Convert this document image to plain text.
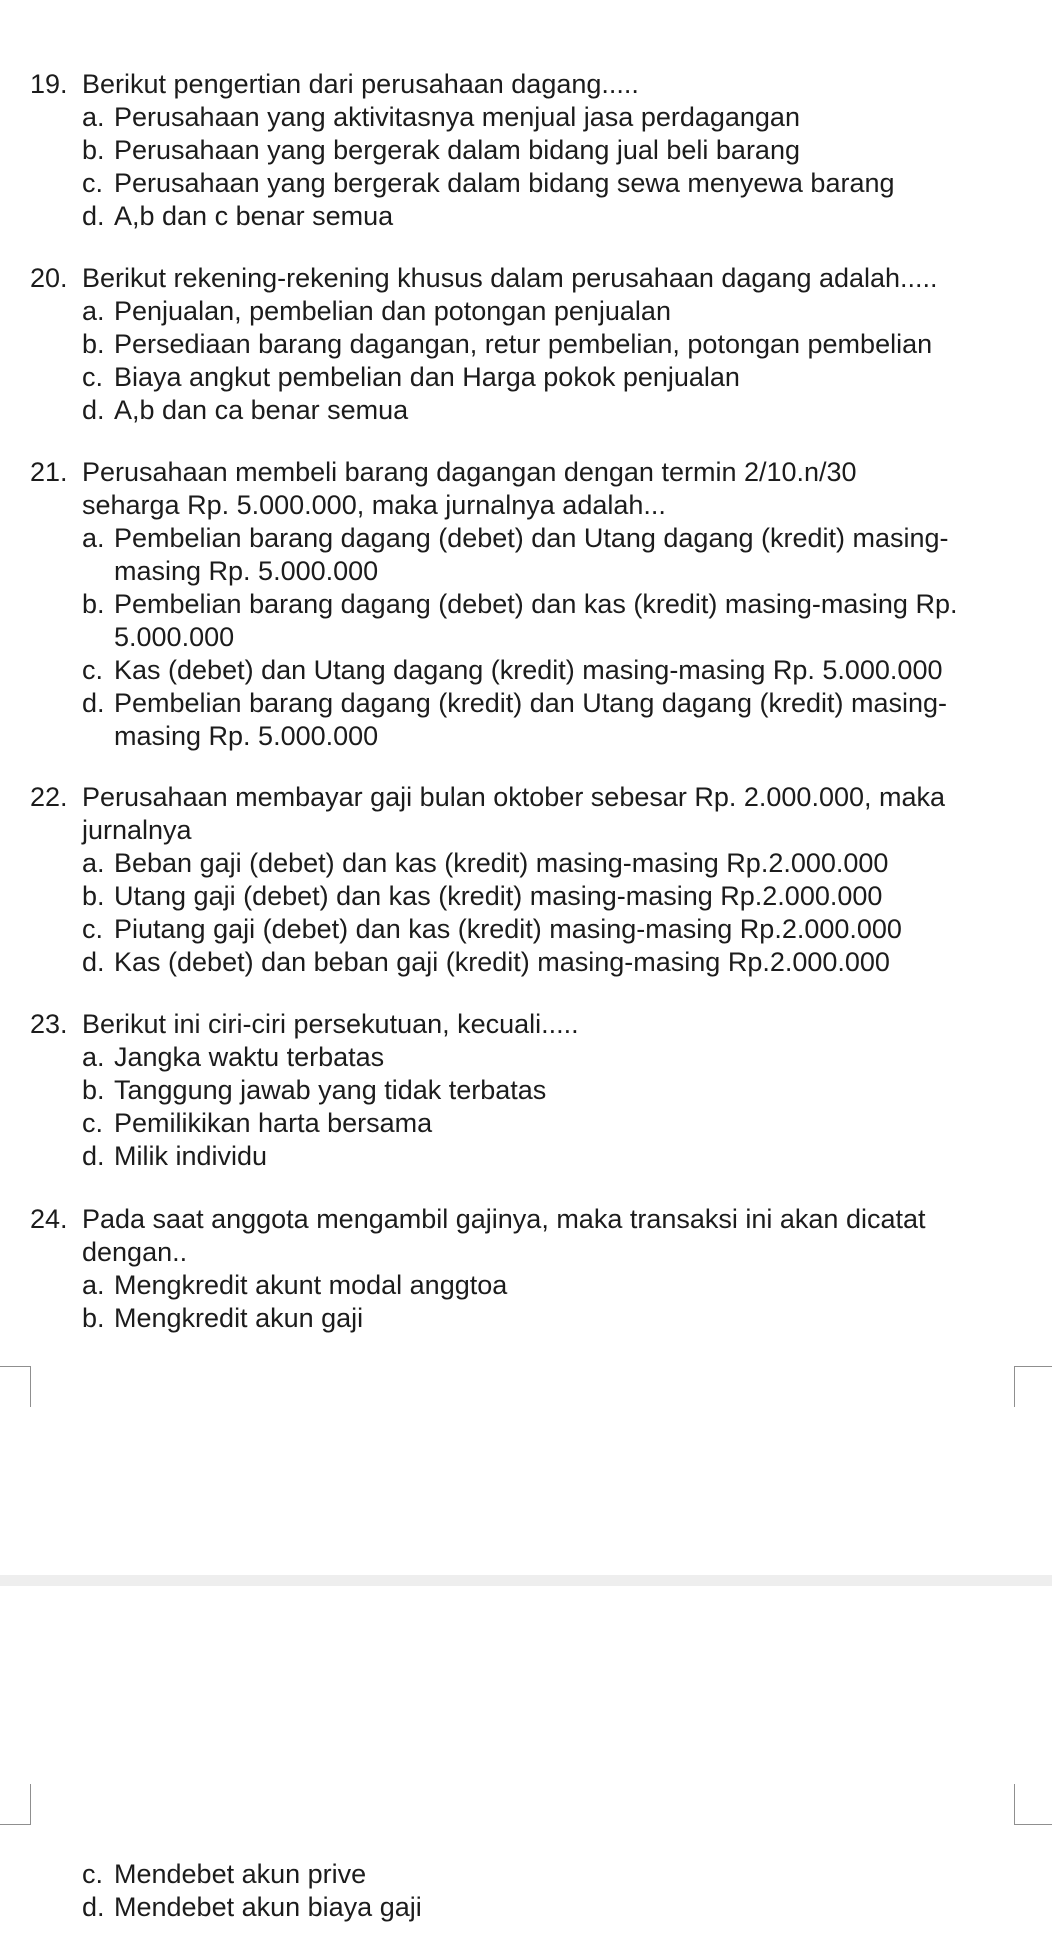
19. Berikut pengertian dari perusahaan dagang.....
a. Perusahaan yang aktivitasnya menjual jasa perdagangan
b. Perusahaan yang bergerak dalam bidang jual beli barang
c. Perusahaan yang bergerak dalam bidang sewa menyewa barang
d. A,b dan c benar semua
20. Berikut rekening-rekening khusus dalam perusahaan dagang adalah.....
a. Penjualan, pembelian dan potongan penjualan
b. Persediaan barang dagangan, retur pembelian, potongan pembelian
c. Biaya angkut pembelian dan Harga pokok penjualan
d. A,b dan ca benar semua
21. Perusahaan membeli barang dagangan dengan termin 2/10.n/30 seharga Rp. 5.000.000, maka jurnalnya adalah...
a. Pembelian barang dagang (debet) dan Utang dagang (kredit) masing-masing Rp. 5.000.000
b. Pembelian barang dagang (debet) dan kas (kredit) masing-masing Rp. 5.000.000
c. Kas (debet) dan Utang dagang (kredit) masing-masing Rp. 5.000.000
d. Pembelian barang dagang (kredit) dan Utang dagang (kredit) masing-masing Rp. 5.000.000
22. Perusahaan membayar gaji bulan oktober sebesar Rp. 2.000.000, maka jurnalnya
a. Beban gaji (debet) dan kas (kredit) masing-masing Rp.2.000.000
b. Utang gaji (debet) dan kas (kredit) masing-masing Rp.2.000.000
c. Piutang gaji (debet) dan kas (kredit) masing-masing Rp.2.000.000
d. Kas (debet) dan beban gaji (kredit) masing-masing Rp.2.000.000
23. Berikut ini ciri-ciri persekutuan, kecuali.....
a. Jangka waktu terbatas
b. Tanggung jawab yang tidak terbatas
c. Pemilikikan harta bersama
d. Milik individu
24. Pada saat anggota mengambil gajinya, maka transaksi ini akan dicatat dengan..
a. Mengkredit akunt modal anggtoa
b. Mengkredit akun gaji
c. Mendebet akun prive
d. Mendebet akun biaya gaji
